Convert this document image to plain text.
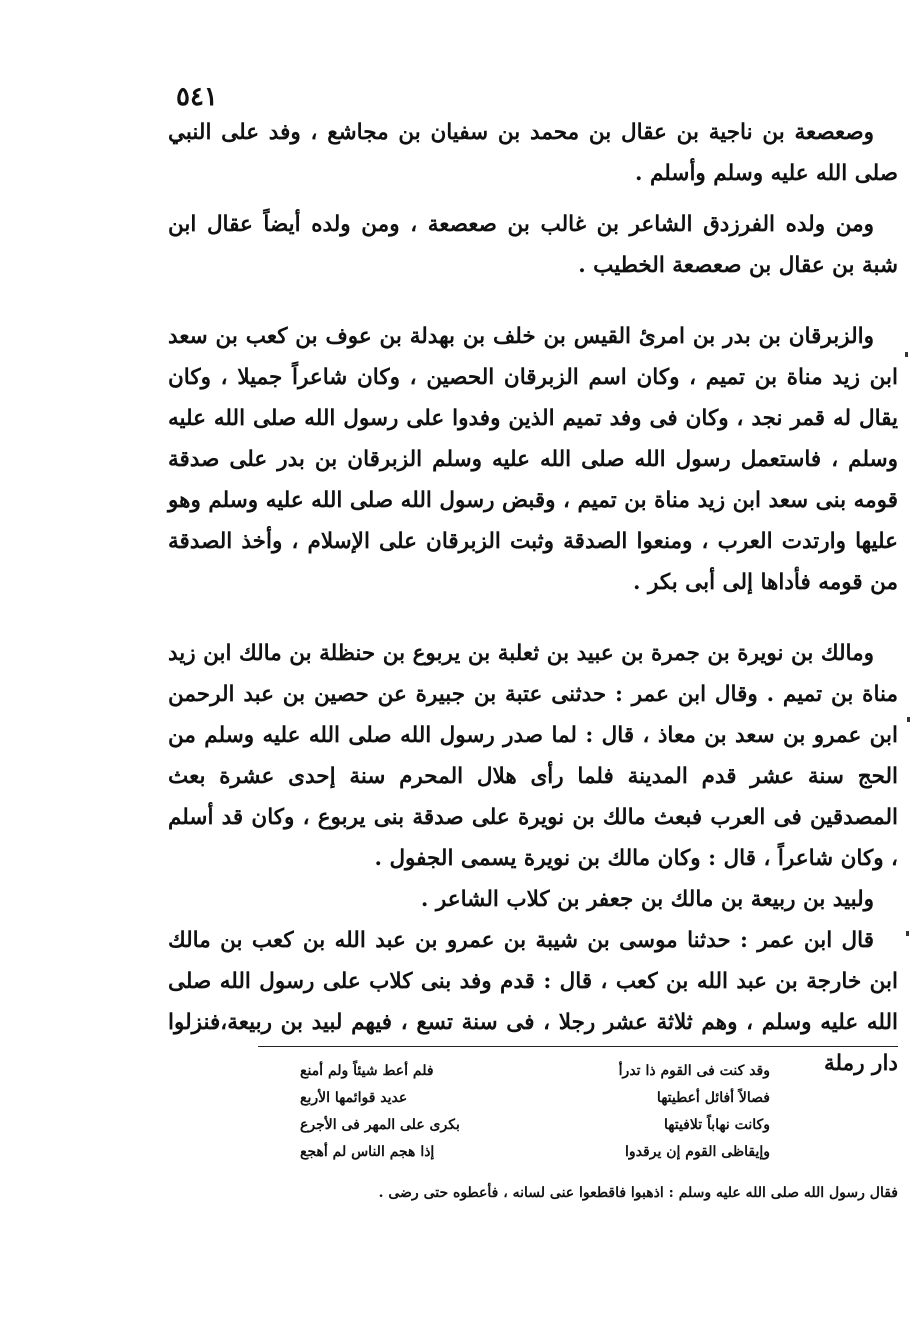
٥٤١

وصعصعة بن ناجية بن عقال بن محمد بن سفيان بن مجاشع ، وفد على النبي صلى الله عليه وسلم وأسلم .

ومن ولده الفرزدق الشاعر بن غالب بن صعصعة ، ومن ولده أيضاً عقال ابن شبة بن عقال بن صعصعة الخطيب .

والزبرقان بن بدر بن امرئ القيس بن خلف بن بهدلة بن عوف بن كعب بن سعد ابن زيد مناة بن تميم ، وكان اسم الزبرقان الحصين ، وكان شاعراً جميلا ، وكان يقال له قمر نجد ، وكان فى وفد تميم الذين وفدوا على رسول الله صلى الله عليه وسلم ، فاستعمل رسول الله صلى الله عليه وسلم الزبرقان بن بدر على صدقة قومه بنى سعد ابن زيد مناة بن تميم ، وقبض رسول الله صلى الله عليه وسلم وهو عليها وارتدت العرب ، ومنعوا الصدقة وثبت الزبرقان على الإسلام ، وأخذ الصدقة من قومه فأداها إلى أبى بكر .

ومالك بن نويرة بن جمرة بن عبيد بن ثعلبة بن يربوع بن حنظلة بن مالك ابن زيد مناة بن تميم . وقال ابن عمر : حدثنى عتبة بن جبيرة عن حصين بن عبد الرحمن ابن عمرو بن سعد بن معاذ ، قال : لما صدر رسول الله صلى الله عليه وسلم من الحج سنة عشر قدم المدينة فلما رأى هلال المحرم سنة إحدى عشرة بعث المصدقين فى العرب فبعث مالك بن نويرة على صدقة بنى يربوع ، وكان قد أسلم ، وكان شاعراً ، قال : وكان مالك بن نويرة يسمى الجفول .

ولبيد بن ربيعة بن مالك بن جعفر بن كلاب الشاعر .

قال ابن عمر : حدثنا موسى بن شيبة بن عمرو بن عبد الله بن كعب بن مالك ابن خارجة بن عبد الله بن كعب ، قال : قدم وفد بنى كلاب على رسول الله صلى الله عليه وسلم ، وهم ثلاثة عشر رجلا ، فى سنة تسع ، فيهم لبيد بن ربيعة،فنزلوا دار رملة

وقد كنت فى القوم ذا تدرأ
فلم أعط شيئاً ولم أمنع
فصالاً أفائل أعطيتها
عديد قوائمها الأربع
وكانت نهاباً تلافيتها
بكرى على المهر فى الأجرع
وإيقاظى القوم إن يرقدوا
إذا هجم الناس لم أهجع
فقال رسول الله صلى الله عليه وسلم : اذهبوا فاقطعوا عنى لسانه ، فأعطوه حتى رضى .
